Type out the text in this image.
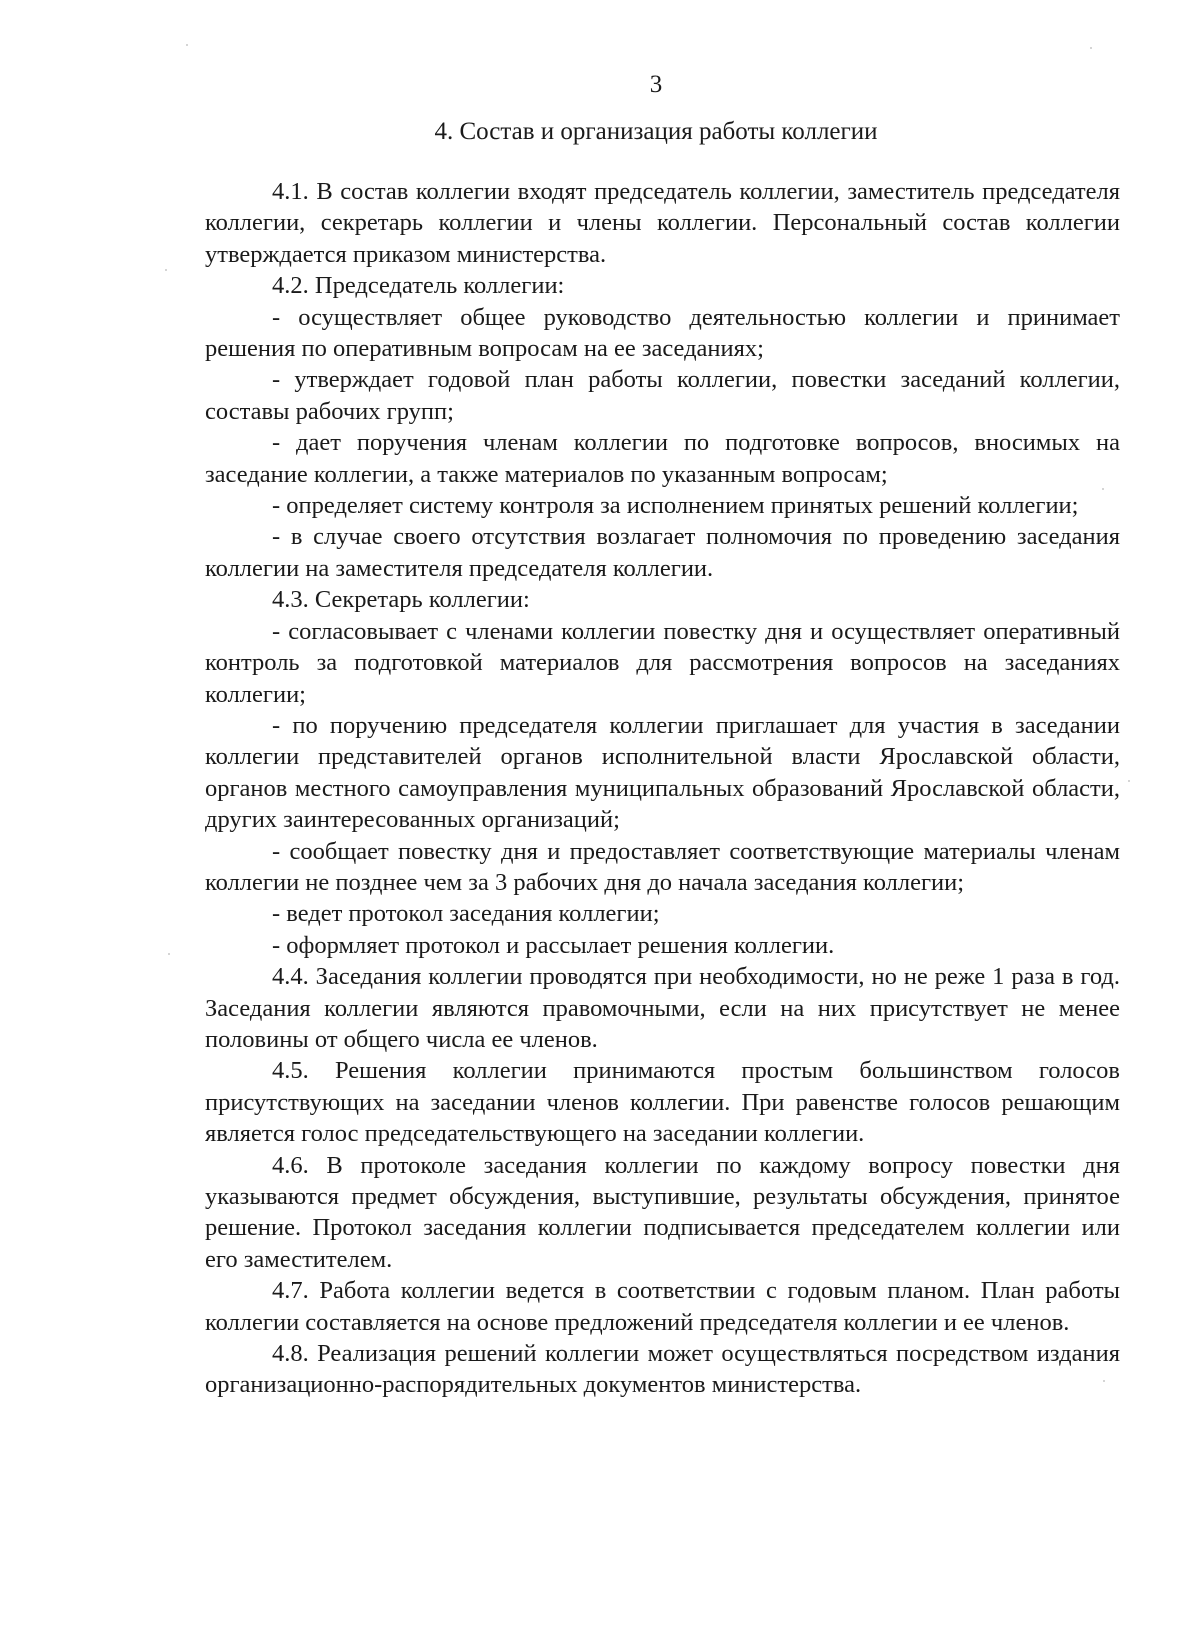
3
4. Состав и организация работы коллегии

4.1. В состав коллегии входят председатель коллегии, заместитель председателя коллегии, секретарь коллегии и члены коллегии. Персональный состав коллегии утверждается приказом министерства.

4.2. Председатель коллегии:

- осуществляет общее руководство деятельностью коллегии и принимает решения по оперативным вопросам на ее заседаниях;

- утверждает годовой план работы коллегии, повестки заседаний коллегии, составы рабочих групп;

- дает поручения членам коллегии по подготовке вопросов, вносимых на заседание коллегии, а также материалов по указанным вопросам;

- определяет систему контроля за исполнением принятых решений коллегии;

- в случае своего отсутствия возлагает полномочия по проведению заседания коллегии на заместителя председателя коллегии.

4.3. Секретарь коллегии:

- согласовывает с членами коллегии повестку дня и осуществляет оперативный контроль за подготовкой материалов для рассмотрения вопросов на заседаниях коллегии;

- по поручению председателя коллегии приглашает для участия в заседании коллегии представителей органов исполнительной власти Ярославской области, органов местного самоуправления муниципальных образований Ярославской области, других заинтересованных организаций;

- сообщает повестку дня и предоставляет соответствующие материалы членам коллегии не позднее чем за 3 рабочих дня до начала заседания коллегии;

- ведет протокол заседания коллегии;

- оформляет протокол и рассылает решения коллегии.

4.4. Заседания коллегии проводятся при необходимости, но не реже 1 раза в год. Заседания коллегии являются правомочными, если на них присутствует не менее половины от общего числа ее членов.

4.5. Решения коллегии принимаются простым большинством голосов присутствующих на заседании членов коллегии. При равенстве голосов решающим является голос председательствующего на заседании коллегии.

4.6. В протоколе заседания коллегии по каждому вопросу повестки дня указываются предмет обсуждения, выступившие, результаты обсуждения, принятое решение. Протокол заседания коллегии подписывается председателем коллегии или его заместителем.

4.7. Работа коллегии ведется в соответствии с годовым планом. План работы коллегии составляется на основе предложений председателя коллегии и ее членов.

4.8. Реализация решений коллегии может осуществляться посредством издания организационно-распорядительных документов министерства.
